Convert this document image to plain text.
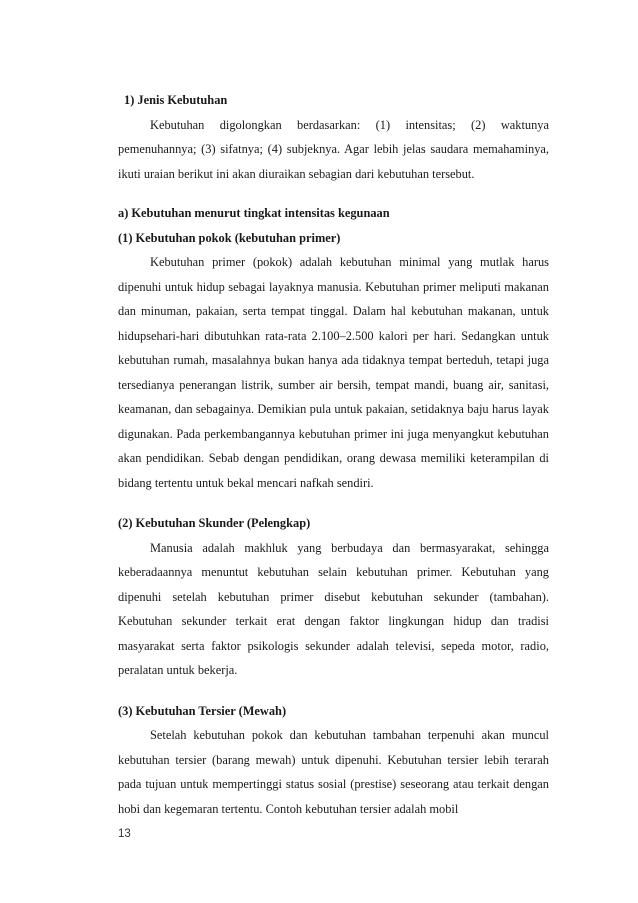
1) Jenis Kebutuhan

Kebutuhan digolongkan berdasarkan: (1) intensitas; (2) waktunya pemenuhannya; (3) sifatnya; (4) subjeknya. Agar lebih jelas saudara memahaminya, ikuti uraian berikut ini akan diuraikan sebagian dari kebutuhan tersebut.

a) Kebutuhan menurut tingkat intensitas kegunaan

(1) Kebutuhan pokok (kebutuhan primer)

Kebutuhan primer (pokok) adalah kebutuhan minimal yang mutlak harus dipenuhi untuk hidup sebagai layaknya manusia. Kebutuhan primer meliputi makanan dan minuman, pakaian, serta tempat tinggal. Dalam hal kebutuhan makanan, untuk hidupsehari-hari dibutuhkan rata-rata 2.100–2.500 kalori per hari. Sedangkan untuk kebutuhan rumah, masalahnya bukan hanya ada tidaknya tempat berteduh, tetapi juga tersedianya penerangan listrik, sumber air bersih, tempat mandi, buang air, sanitasi, keamanan, dan sebagainya. Demikian pula untuk pakaian, setidaknya baju harus layak digunakan. Pada perkembangannya kebutuhan primer ini juga menyangkut kebutuhan akan pendidikan. Sebab dengan pendidikan, orang dewasa memiliki keterampilan di bidang tertentu untuk bekal mencari nafkah sendiri.

(2) Kebutuhan Skunder (Pelengkap)

Manusia adalah makhluk yang berbudaya dan bermasyarakat, sehingga keberadaannya menuntut kebutuhan selain kebutuhan primer. Kebutuhan yang dipenuhi setelah kebutuhan primer disebut kebutuhan sekunder (tambahan). Kebutuhan sekunder terkait erat dengan faktor lingkungan hidup dan tradisi masyarakat serta faktor psikologis sekunder adalah televisi, sepeda motor, radio, peralatan untuk bekerja.

(3) Kebutuhan Tersier (Mewah)

Setelah kebutuhan pokok dan kebutuhan tambahan terpenuhi akan muncul kebutuhan tersier (barang mewah) untuk dipenuhi. Kebutuhan tersier lebih terarah pada tujuan untuk mempertinggi status sosial (prestise) seseorang atau terkait dengan hobi dan kegemaran tertentu. Contoh kebutuhan tersier adalah mobil

13
